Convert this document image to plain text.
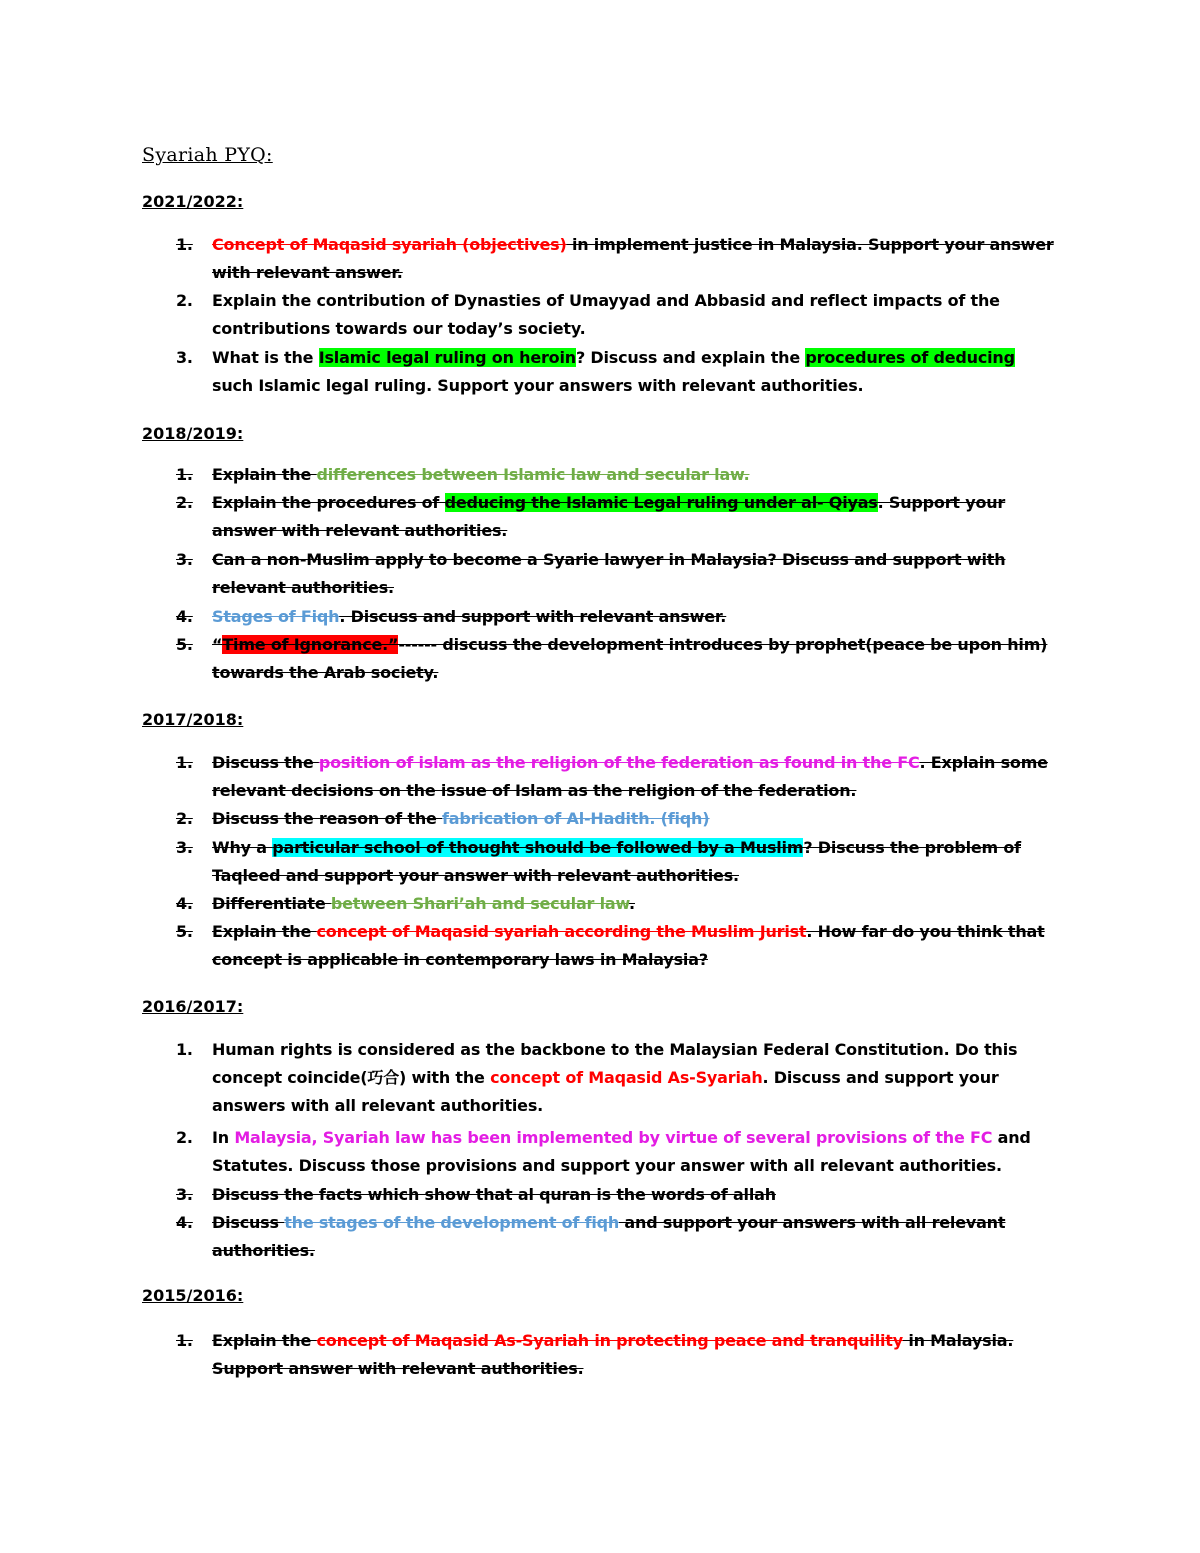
Syariah PYQ:
2021/2022:
1.	Concept of Maqasid syariah (objectives) in implement justice in Malaysia. Support your answer with relevant answer.
2.	Explain the contribution of Dynasties of Umayyad and Abbasid and reflect impacts of the contributions towards our today’s society.
3.	What is the Islamic legal ruling on heroin? Discuss and explain the procedures of deducing such Islamic legal ruling. Support your answers with relevant authorities.
2018/2019:
1.	Explain the differences between Islamic law and secular law.
2.	Explain the procedures of deducing the Islamic Legal ruling under al- Qiyas. Support your answer with relevant authorities.
3.	Can a non-Muslim apply to become a Syarie lawyer in Malaysia? Discuss and support with relevant authorities.
4.	Stages of Fiqh. Discuss and support with relevant answer.
5.	“Time of Ignorance.”------ discuss the development introduces by prophet(peace be upon him) towards the Arab society.
2017/2018:
1.	Discuss the position of islam as the religion of the federation as found in the FC. Explain some relevant decisions on the issue of Islam as the religion of the federation.
2.	Discuss the reason of the fabrication of Al-Hadith. (fiqh)
3.	Why a particular school of thought should be followed by a Muslim? Discuss the problem of Taqleed and support your answer with relevant authorities.
4.	Differentiate between Shari’ah and secular law.
5.	Explain the concept of Maqasid syariah according the Muslim Jurist. How far do you think that concept is applicable in contemporary laws in Malaysia?
2016/2017:
1.	Human rights is considered as the backbone to the Malaysian Federal Constitution. Do this concept coincide(巧合) with the concept of Maqasid As-Syariah. Discuss and support your answers with all relevant authorities.
2.	In Malaysia, Syariah law has been implemented by virtue of several provisions of the FC and Statutes. Discuss those provisions and support your answer with all relevant authorities.
3.	Discuss the facts which show that al quran is the words of allah
4.	Discuss the stages of the development of fiqh and support your answers with all relevant authorities.
2015/2016:
1.	Explain the concept of Maqasid As-Syariah in protecting peace and tranquility in Malaysia. Support answer with relevant authorities.
